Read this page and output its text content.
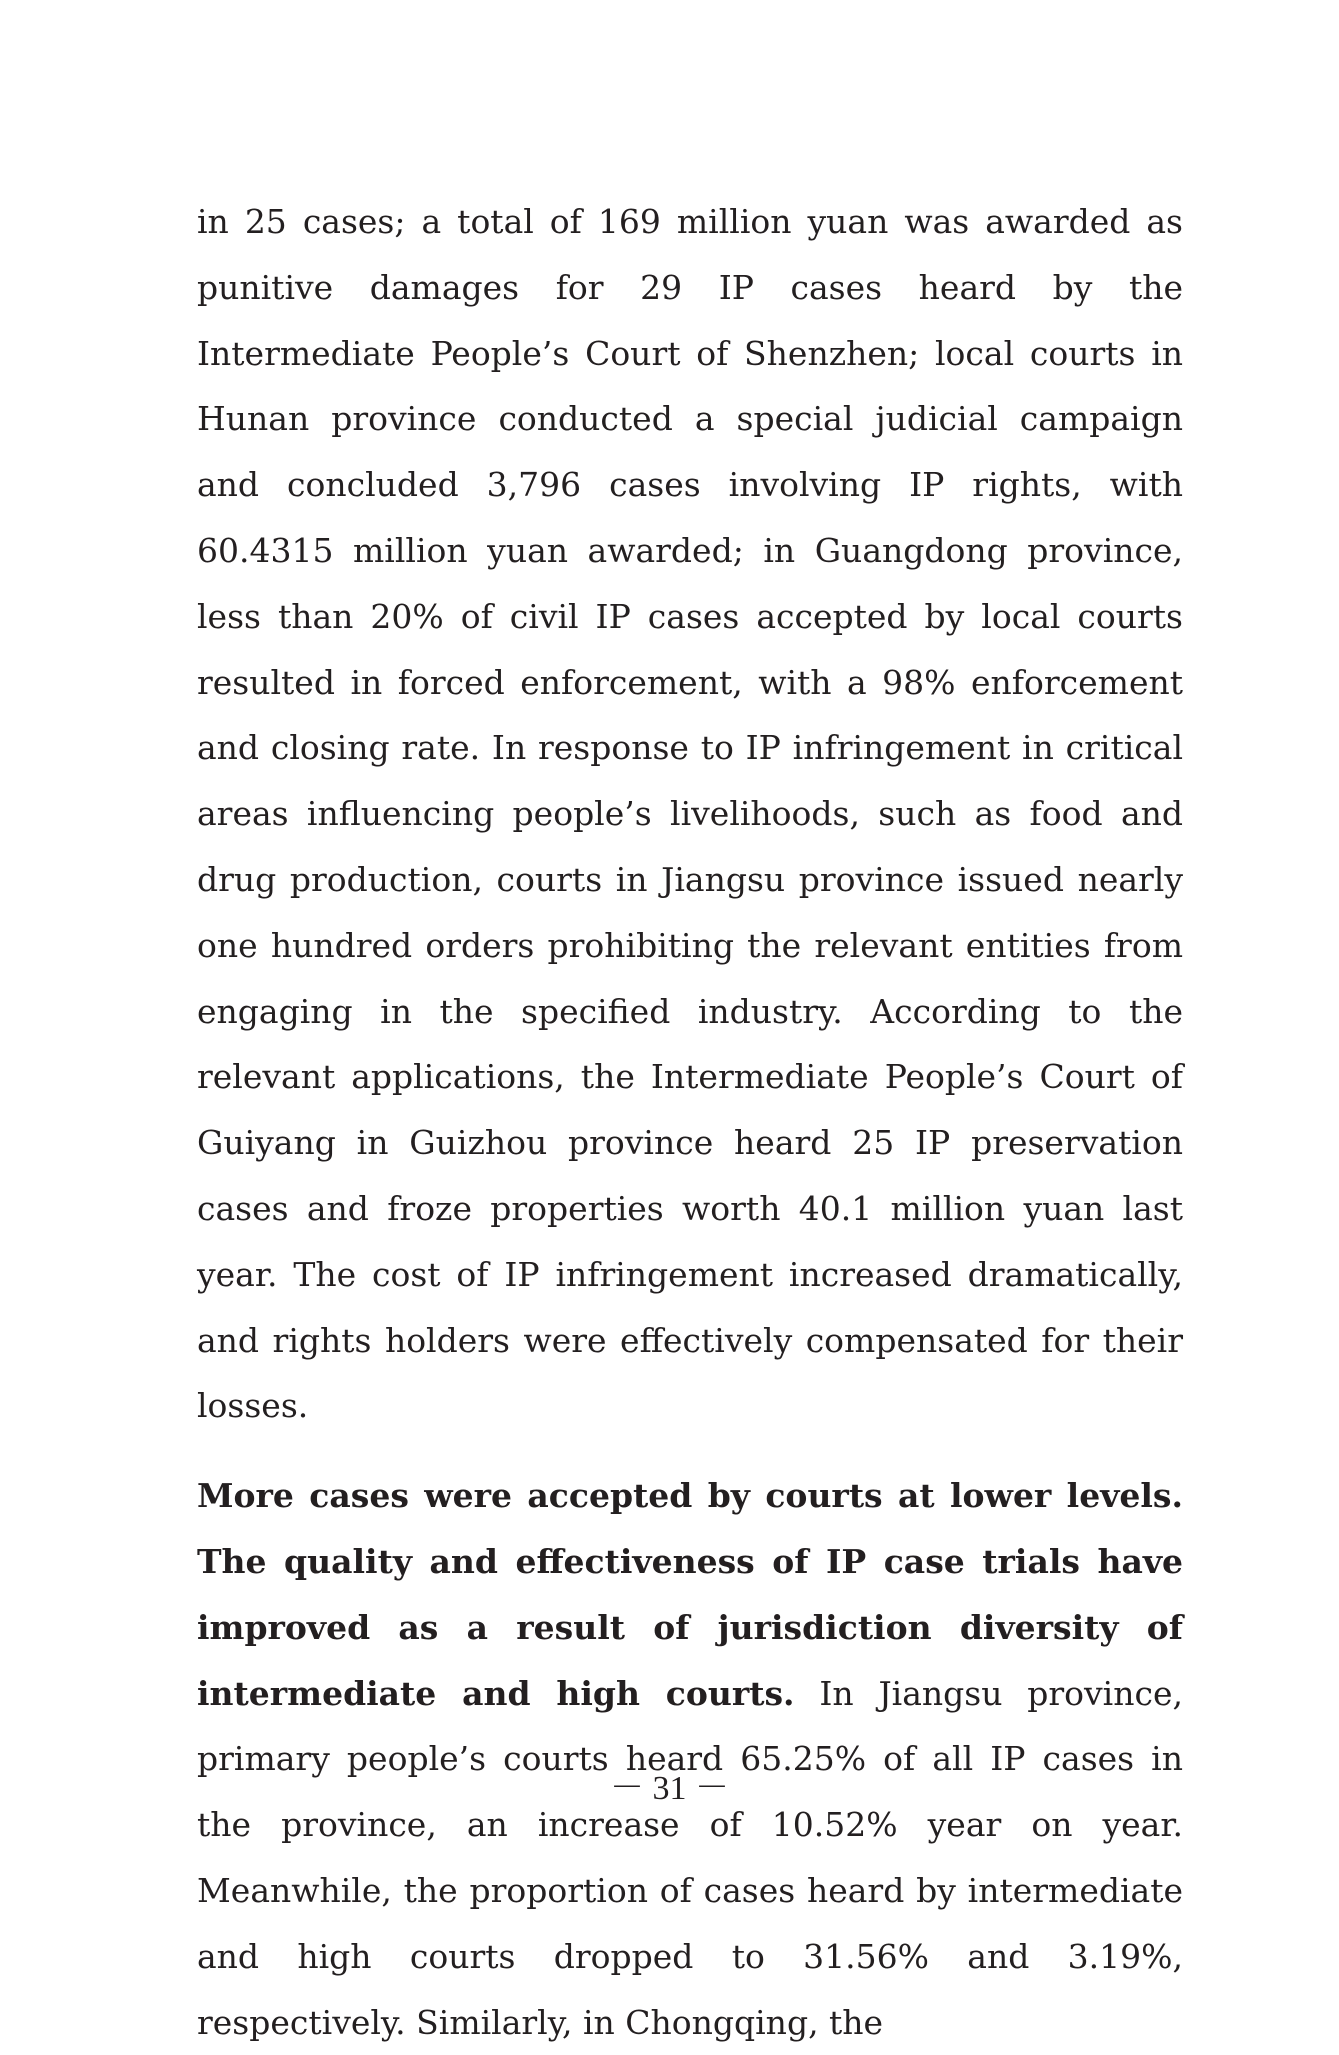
in 25 cases; a total of 169 million yuan was awarded as punitive damages for 29 IP cases heard by the Intermediate People’s Court of Shenzhen; local courts in Hunan province conducted a special judicial campaign and concluded 3,796 cases involving IP rights, with 60.4315 million yuan awarded; in Guangdong province, less than 20% of civil IP cases accepted by local courts resulted in forced enforcement, with a 98% enforcement and closing rate. In response to IP infringement in critical areas influencing people’s livelihoods, such as food and drug production, courts in Jiangsu province issued nearly one hundred orders prohibiting the relevant entities from engaging in the specified industry. According to the relevant applications, the Intermediate People’s Court of Guiyang in Guizhou province heard 25 IP preservation cases and froze properties worth 40.1 million yuan last year. The cost of IP infringement increased dramatically, and rights holders were effectively compensated for their losses.

More cases were accepted by courts at lower levels. The quality and effectiveness of IP case trials have improved as a result of jurisdiction diversity of intermediate and high courts. In Jiangsu province, primary people’s courts heard 65.25% of all IP cases in the province, an increase of 10.52% year on year. Meanwhile, the proportion of cases heard by intermediate and high courts dropped to 31.56% and 3.19%, respectively. Similarly, in Chongqing, the

－ 31 －
